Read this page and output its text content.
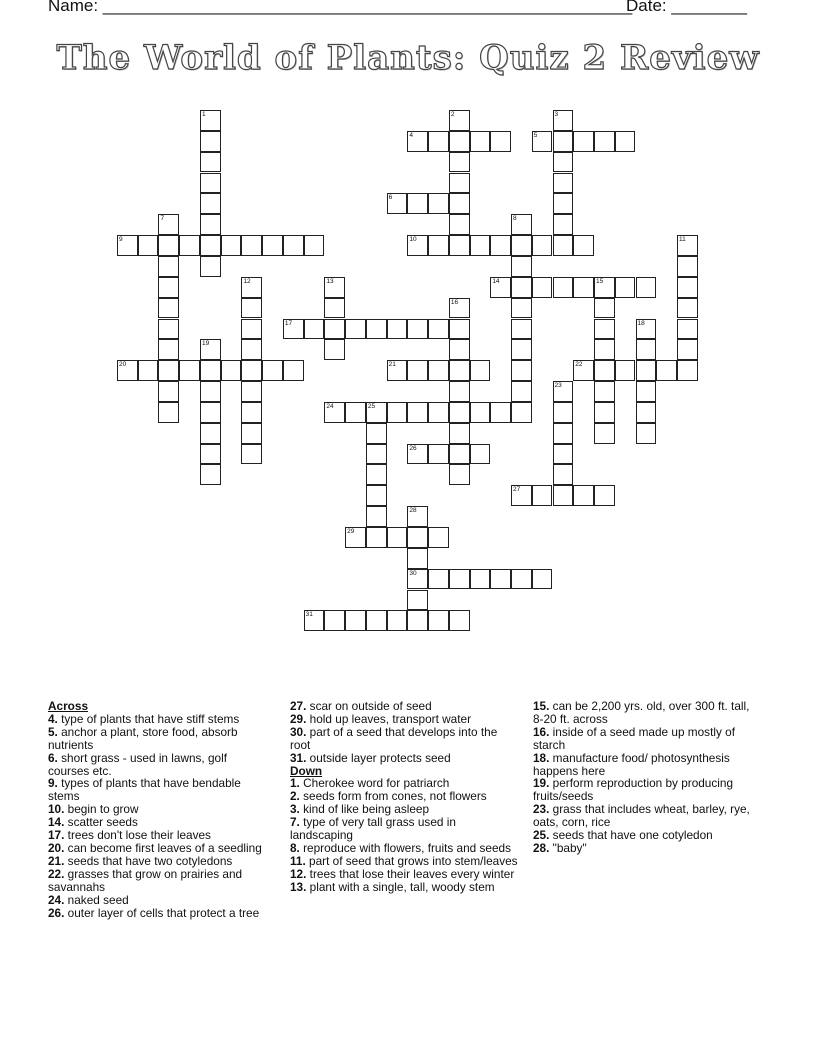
Name: ________________________________________________________
Date: ________
The World of Plants: Quiz 2 Review
1	2	3
4	5
6
7	8
9	10	11
12	13	14	15
16
17	18
19
20	21	22
23
24	25
26
27
28
30
29
31
Across
4. type of plants that have stiff stems
5. anchor a plant, store food, absorb nutrients
6. short grass - used in lawns, golf courses etc.
9. types of plants that have bendable stems
10. begin to grow
14. scatter seeds
17. trees don't lose their leaves
20. can become first leaves of a seedling
21. seeds that have two cotyledons
22. grasses that grow on prairies and savannahs
24. naked seed
26. outer layer of cells that protect a tree
27. scar on outside of seed
29. hold up leaves, transport water
30. part of a seed that develops into the root
31. outside layer protects seed
Down
1. Cherokee word for patriarch
2. seeds form from cones, not flowers
3. kind of like being asleep
7. type of very tall grass used in landscaping
8. reproduce with flowers, fruits and seeds
11. part of seed that grows into stem/leaves
12. trees that lose their leaves every winter
13. plant with a single, tall, woody stem
15. can be 2,200 yrs. old, over 300 ft. tall, 8-20 ft. across
16. inside of a seed made up mostly of starch
18. manufacture food/ photosynthesis happens here
19. perform reproduction by producing fruits/seeds
23. grass that includes wheat, barley, rye, oats, corn, rice
25. seeds that have one cotyledon
28. "baby"
